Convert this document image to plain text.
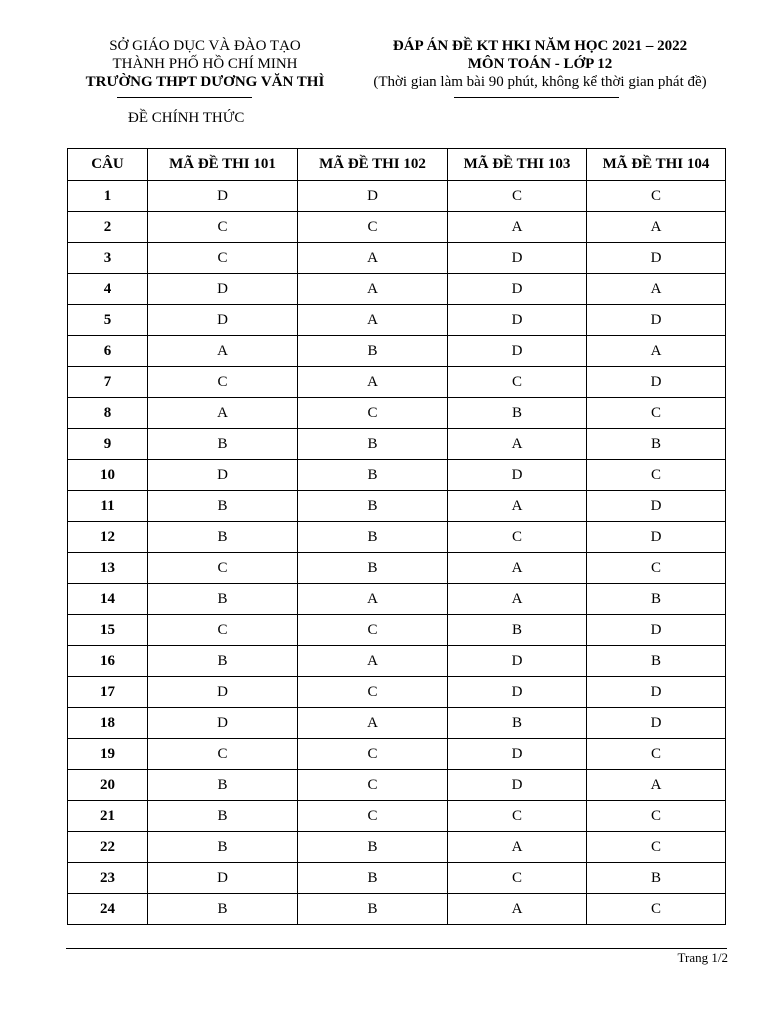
SỞ GIÁO DỤC VÀ ĐÀO TẠO
THÀNH PHỐ HỒ CHÍ MINH
TRƯỜNG THPT DƯƠNG VĂN THÌ
ĐỀ CHÍNH THỨC
ĐÁP ÁN ĐỀ KT HKI NĂM HỌC 2021 – 2022
MÔN TOÁN - LỚP 12
(Thời gian làm bài 90 phút, không kể thời gian phát đề)
CÂU	MÃ ĐỀ THI 101	MÃ ĐỀ THI 102	MÃ ĐỀ THI 103	MÃ ĐỀ THI 104
1	D	D	C	C
2	C	C	A	A
3	C	A	D	D
4	D	A	D	A
5	D	A	D	D
6	A	B	D	A
7	C	A	C	D
8	A	C	B	C
9	B	B	A	B
10	D	B	D	C
11	B	B	A	D
12	B	B	C	D
13	C	B	A	C
14	B	A	A	B
15	C	C	B	D
16	B	A	D	B
17	D	C	D	D
18	D	A	B	D
19	C	C	D	C
20	B	C	D	A
21	B	C	C	C
22	B	B	A	C
23	D	B	C	B
24	B	B	A	C
Trang 1/2
